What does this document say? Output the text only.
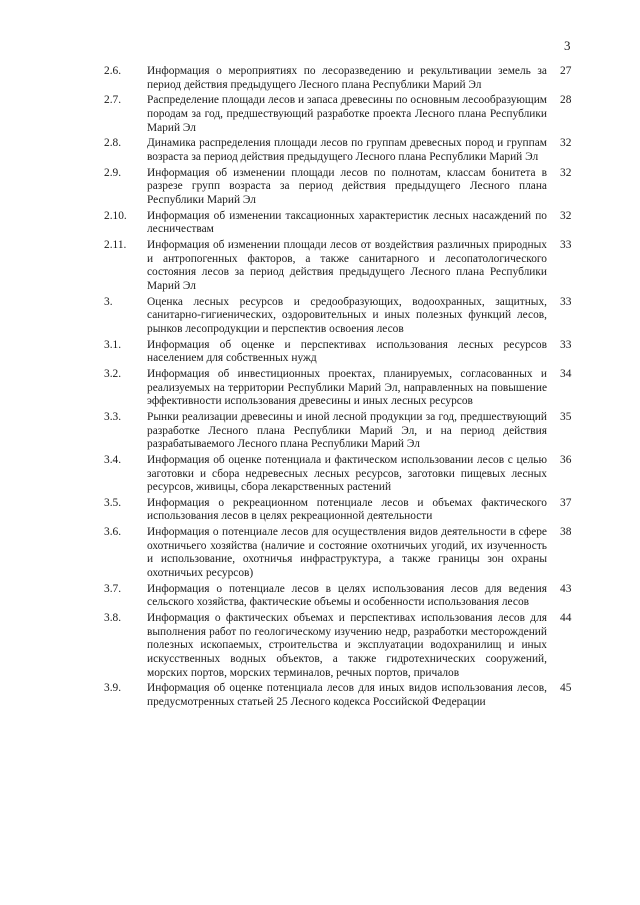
3
2.6. Информация о мероприятиях по лесоразведению и рекультивации земель за период действия предыдущего Лесного плана Республики Марий Эл
27
2.7. Распределение площади лесов и запаса древесины по основным лесообразующим породам за год, предшествующий разработке проекта Лесного плана Республики Марий Эл
28
2.8. Динамика распределения площади лесов по группам древесных пород и группам возраста за период действия предыдущего Лесного плана Республики Марий Эл
32
2.9. Информация об изменении площади лесов по полнотам, классам бонитета в разрезе групп возраста за период действия предыдущего Лесного плана Республики Марий Эл
32
2.10. Информация об изменении таксационных характеристик лесных насаждений по лесничествам
32
2.11. Информация об изменении площади лесов от воздействия различных природных и антропогенных факторов, а также санитарного и лесопатологического состояния лесов за период действия предыдущего Лесного плана Республики Марий Эл
33
3.	Оценка лесных ресурсов и средообразующих, водоохранных, защитных, санитарно-гигиенических, оздоровительных и иных полезных функций лесов, рынков лесопродукции и перспектив освоения лесов
33
3.1. Информация об оценке и перспективах использования лесных ресурсов населением для собственных нужд
33
3.2. Информация об инвестиционных проектах, планируемых, согласованных и реализуемых на территории Республики Марий Эл, направленных на повышение эффективности использования древесины и иных лесных ресурсов
34
3.3. Рынки реализации древесины и иной лесной продукции за год, предшествующий разработке Лесного плана Республики Марий Эл, и на период действия разрабатываемого Лесного плана Республики Марий Эл
35
3.4. Информация об оценке потенциала и фактическом использовании лесов с целью заготовки и сбора недревесных лесных ресурсов, заготовки пищевых лесных ресурсов, живицы, сбора лекарственных растений
36
3.5. Информация о рекреационном потенциале лесов и объемах фактического использования лесов в целях рекреационной деятельности
37
3.6. Информация о потенциале лесов для осуществления видов деятельности в сфере охотничьего хозяйства (наличие и состояние охотничьих угодий, их изученность и использование, охотничья инфраструктура, а также границы зон охраны охотничьих ресурсов)
38
3.7. Информация о потенциале лесов в целях использования лесов для ведения сельского хозяйства, фактические объемы и особенности использования лесов
43
3.8. Информация о фактических объемах и перспективах использования лесов для выполнения работ по геологическому изучению недр, разработки месторождений полезных ископаемых, строительства и эксплуатации водохранилищ и иных искусственных водных объектов, а также гидротехнических сооружений, морских портов, морских терминалов, речных портов, причалов
44
3.9. Информация об оценке потенциала лесов для иных видов использования лесов, предусмотренных статьей 25 Лесного кодекса Российской Федерации
45
